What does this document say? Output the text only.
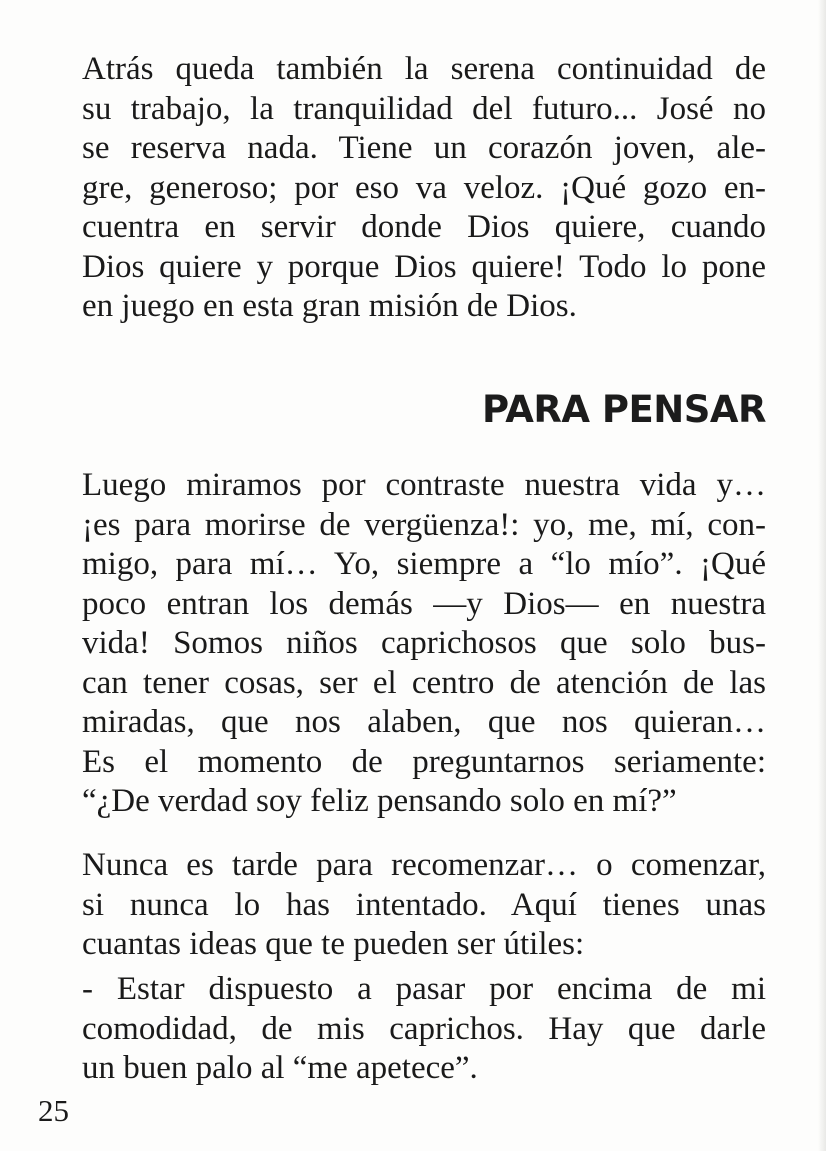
Atrás queda también la serena continuidad de
su trabajo, la tranquilidad del futuro... José no
se reserva nada. Tiene un corazón joven, ale-
gre, generoso; por eso va veloz. ¡Qué gozo en-
cuentra en servir donde Dios quiere, cuando
Dios quiere y porque Dios quiere! Todo lo pone
en juego en esta gran misión de Dios.

PARA PENSAR

Luego miramos por contraste nuestra vida y…
¡es para morirse de vergüenza!: yo, me, mí, con-
migo, para mí… Yo, siempre a “lo mío”. ¡Qué
poco entran los demás —y Dios— en nuestra
vida! Somos niños caprichosos que solo bus-
can tener cosas, ser el centro de atención de las
miradas, que nos alaben, que nos quieran…
Es el momento de preguntarnos seriamente:
“¿De verdad soy feliz pensando solo en mí?”

Nunca es tarde para recomenzar… o comenzar,
si nunca lo has intentado. Aquí tienes unas
cuantas ideas que te pueden ser útiles:

- Estar dispuesto a pasar por encima de mi
comodidad, de mis caprichos. Hay que darle
un buen palo al “me apetece”.

25
